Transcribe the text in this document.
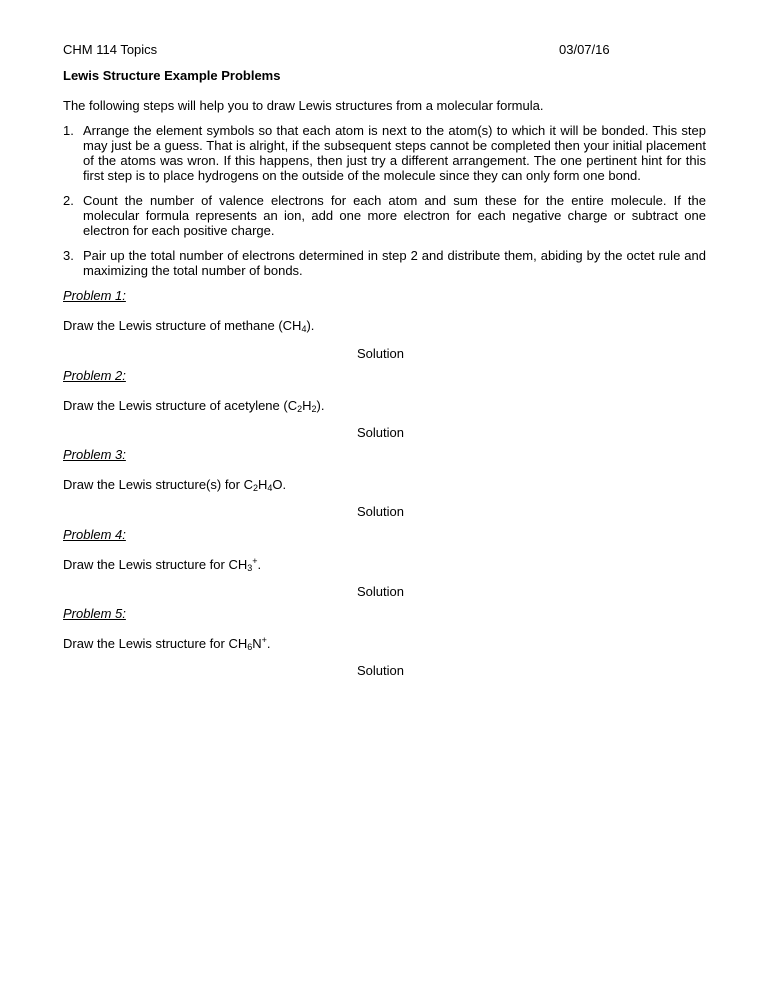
CHM 114 Topics	03/07/16
Lewis Structure Example Problems
The following steps will help you to draw Lewis structures from a molecular formula.
1. Arrange the element symbols so that each atom is next to the atom(s) to which it will be bonded. This step may just be a guess. That is alright, if the subsequent steps cannot be completed then your initial placement of the atoms was wron. If this happens, then just try a different arrangement. The one pertinent hint for this first step is to place hydrogens on the outside of the molecule since they can only form one bond.
2. Count the number of valence electrons for each atom and sum these for the entire molecule. If the molecular formula represents an ion, add one more electron for each negative charge or subtract one electron for each positive charge.
3. Pair up the total number of electrons determined in step 2 and distribute them, abiding by the octet rule and maximizing the total number of bonds.
Problem 1:
Draw the Lewis structure of methane $(CH_4)$.
Solution
Problem 2:
Draw the Lewis structure of acetylene $(C_2H_2)$.
Solution
Problem 3:
Draw the Lewis structure(s) for $C_2H_4O$.
Solution
Problem 4:
Draw the Lewis structure for $CH_3^+$.
Solution
Problem 5:
Draw the Lewis structure for $CH_6N^+$.
Solution
